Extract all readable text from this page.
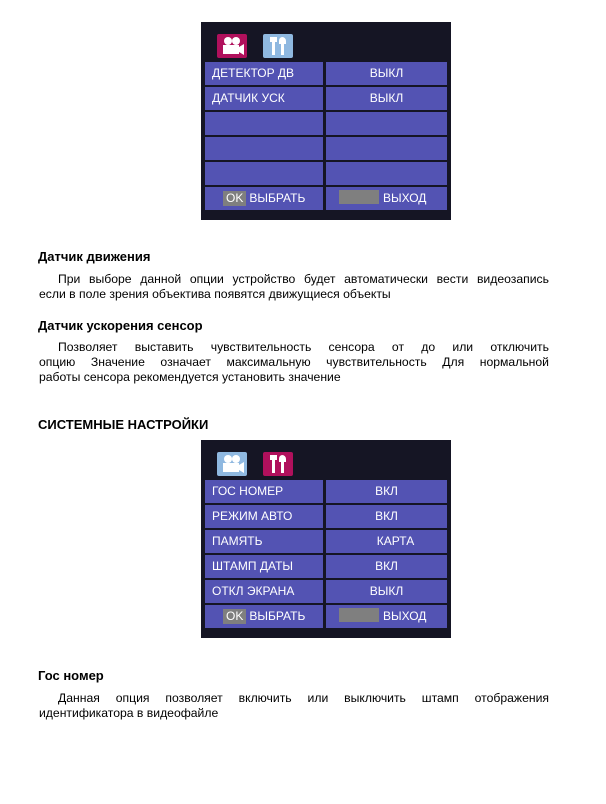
ДЕТЕКТОР ДВ	ВЫКЛ
ДАТЧИК УСК	ВЫКЛ
OK ВЫБРАТЬ	ВЫХОД
Датчик движения
При выборе данной опции устройство будет автоматически вести видеозапись
если в поле зрения объектива появятся движущиеся объекты
Датчик ускорения сенсор
Позволяет выставить чувствительность сенсора от до или отключить
опцию Значение означает максимальную чувствительность Для нормальной
работы сенсора рекомендуется установить значение
СИСТЕМНЫЕ НАСТРОЙКИ
ГОС НОМЕР	ВКЛ
РЕЖИМ АВТО	ВКЛ
ПАМЯТЬ	КАРТА
ШТАМП ДАТЫ	ВКЛ
ОТКЛ ЭКРАНА	ВЫКЛ
OK ВЫБРАТЬ	ВЫХОД
Гос номер
Данная опция позволяет включить или выключить штамп отображения
идентификатора в видеофайле
